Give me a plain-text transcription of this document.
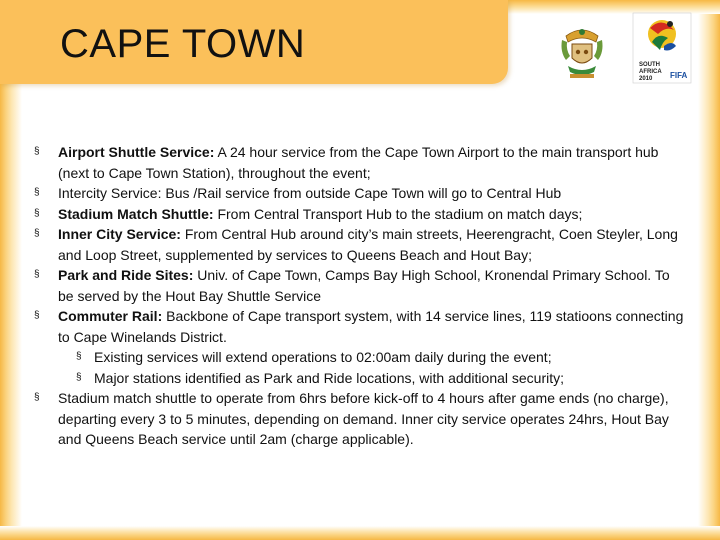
CAPE TOWN	SOUTH
AFRICA
2010 FIFA

§	Airport Shuttle Service: A 24 hour service from the Cape Town Airport to the main transport hub (next to Cape Town Station), throughout the event;

§	Intercity Service: Bus /Rail service from outside Cape Town will go to Central Hub

§	Stadium Match Shuttle: From Central Transport Hub to the stadium on match days;

§	Inner City Service: From Central Hub around city’s main streets, Heerengracht, Coen Steyler, Long and Loop Street, supplemented by services to Queens Beach and Hout Bay;

§	Park and Ride Sites: Univ. of Cape Town, Camps Bay High School, Kronendal Primary School. To be served by the Hout Bay Shuttle Service

§	Commuter Rail: Backbone of Cape transport system, with 14 service lines, 119 statioons connecting to Cape Winelands District.

§ Existing services will extend operations to 02:00am daily during the event;

§ Major stations identified as Park and Ride locations, with additional security;

§	Stadium match shuttle to operate from 6hrs before kick-off to 4 hours after game ends (no charge), departing every 3 to 5 minutes, depending on demand. Inner city service operates 24hrs, Hout Bay and Queens Beach service until 2am (charge applicable).
